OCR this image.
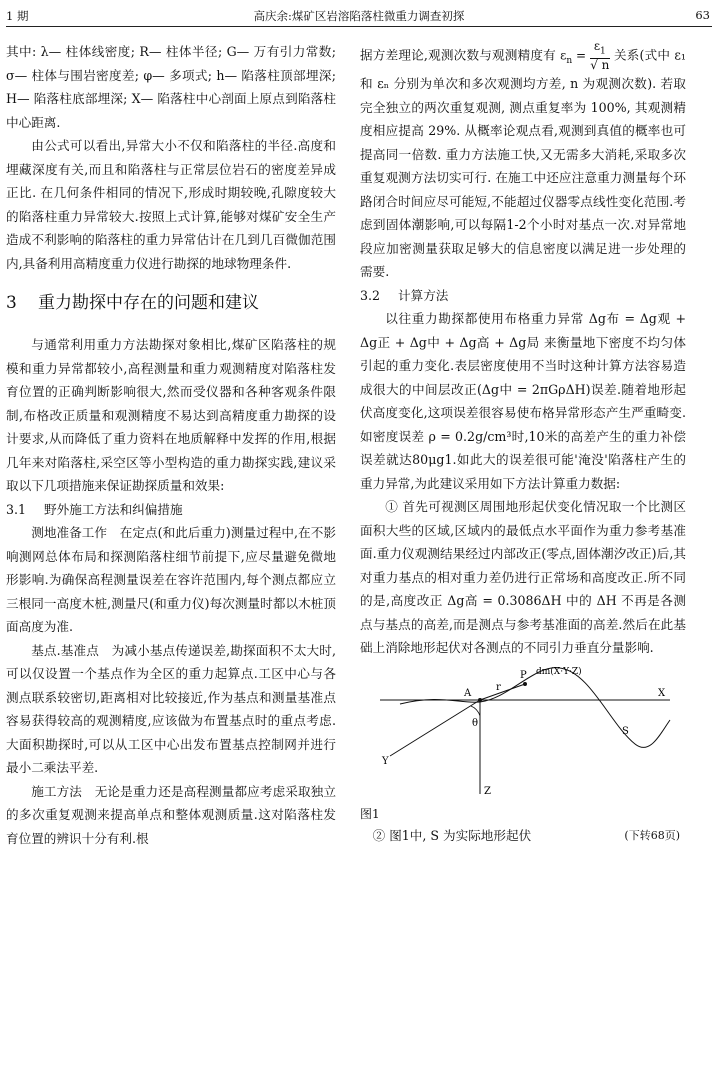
1 期	高庆余:煤矿区岩溶陷落柱微重力调查初探	63

其中: λ— 柱体线密度; R— 柱体半径; G— 万有引力常数; σ— 柱体与围岩密度差; φ— 多项式; h— 陷落柱顶部埋深; H— 陷落柱底部埋深; X— 陷落柱中心剖面上原点到陷落柱中心距离.

由公式可以看出,异常大小不仅和陷落柱的半径.高度和埋藏深度有关,而且和陷落柱与正常层位岩石的密度差异成正比. 在几何条件相同的情况下,形成时期较晚,孔隙度较大的陷落柱重力异常较大.按照上式计算,能够对煤矿安全生产造成不利影响的陷落柱的重力异常估计在几到几百微伽范围内,具备利用高精度重力仪进行勘探的地球物理条件.

3 重力勘探中存在的问题和建议

与通常利用重力方法勘探对象相比,煤矿区陷落柱的规模和重力异常都较小,高程测量和重力观测精度对陷落柱发育位置的正确判断影响很大,然而受仪器和各种客观条件限制,布格改正质量和观测精度不易达到高精度重力勘探的设计要求,从而降低了重力资料在地质解释中发挥的作用,根据几年来对陷落柱,采空区等小型构造的重力勘探实践,建议采取以下几项措施来保证勘探质量和效果:

3.1 野外施工方法和纠偏措施

测地准备工作　在定点(和此后重力)测量过程中,在不影响测网总体布局和探测陷落柱细节前提下,应尽量避免微地形影响.为确保高程测量误差在容许范围内,每个测点都应立三根同一高度木桩,测量尺(和重力仪)每次测量时都以木桩顶面高度为准.

基点.基准点　为减小基点传递误差,勘探面积不太大时,可以仅设置一个基点作为全区的重力起算点.工区中心与各测点联系较密切,距离相对比较接近,作为基点和测量基准点容易获得较高的观测精度,应该做为布置基点时的重点考虑.大面积勘探时,可以从工区中心出发布置基点控制网并进行最小二乘法平差.

施工方法　无论是重力还是高程测量都应考虑采取独立的多次重复观测来提高单点和整体观测质量.这对陷落柱发育位置的辨识十分有利.根

据方差理论,观测次数与观测精度有 $\varepsilon_n = \frac{\varepsilon_1}{√ n}$ 关系(式中 ε₁ 和 εₙ 分别为单次和多次观测均方差, n 为观测次数). 若取完全独立的两次重复观测, 测点重复率为 100%, 其观测精度相应提高 29%. 从概率论观点看,观测到真值的概率也可提高同一倍数. 重力方法施工快,又无需多大消耗,采取多次重复观测方法切实可行. 在施工中还应注意重力测量每个环路闭合时间应尽可能短,不能超过仪器零点线性变化范围.考虑到固体潮影响,可以每隔1-2个小时对基点一次.对异常地段应加密测量获取足够大的信息密度以满足进一步处理的需要.

3.2 计算方法

以往重力勘探都使用布格重力异常 Δg布 = Δg观 + Δg正 + Δg中 + Δg高 + Δg局 来衡量地下密度不均匀体引起的重力变化.表层密度使用不当时这种计算方法容易造成很大的中间层改正(Δg中 = 2πGρΔH)误差.随着地形起伏高度变化,这项误差很容易使布格异常形态产生严重畸变.如密度误差 ρ = 0.2g/cm³时,10米的高差产生的重力补偿误差就达80μg1.如此大的误差很可能'淹没'陷落柱产生的重力异常,为此建议采用如下方法计算重力数据:

① 首先可视测区周围地形起伏变化情况取一个比测区面积大些的区域,区域内的最低点水平面作为重力参考基准面.重力仪观测结果经过内部改正(零点,固体潮汐改正)后,其对重力基点的相对重力差仍进行正常场和高度改正.所不同的是,高度改正 Δg高 = 0.3086ΔH 中的 ΔH 不再是各测点与基点的高差,而是测点与参考基准面的高差.然后在此基础上消除地形起伏对各测点的不同引力垂直分量影响.

A
r
P dm(X·Y·Z)
X
Y
Z
θ
S

图1

② 图1中, S 为实际地形起伏	(下转68页)
